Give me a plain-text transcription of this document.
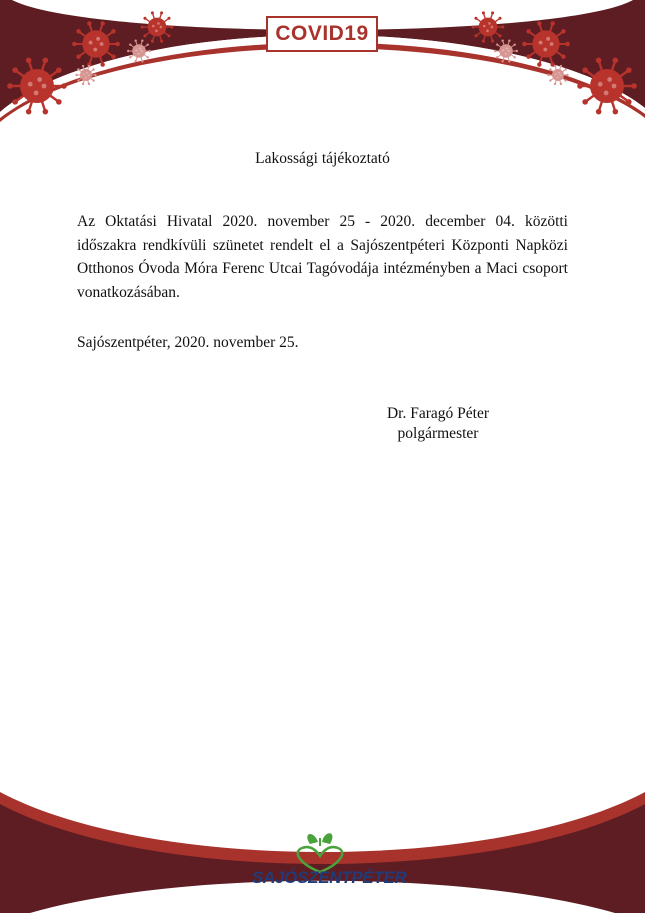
COVID19
Lakossági tájékoztató

Az Oktatási Hivatal 2020. november 25 - 2020. december 04. közötti időszakra rendkívüli szünetet rendelt el a Sajószentpéteri Központi Napközi Otthonos Óvoda Móra Ferenc Utcai Tagóvodája intézményben a Maci csoport vonatkozásában.

Sajószentpéter, 2020. november 25.
Dr. Faragó Péter
polgármester
SAJÓSZENTPÉTER
